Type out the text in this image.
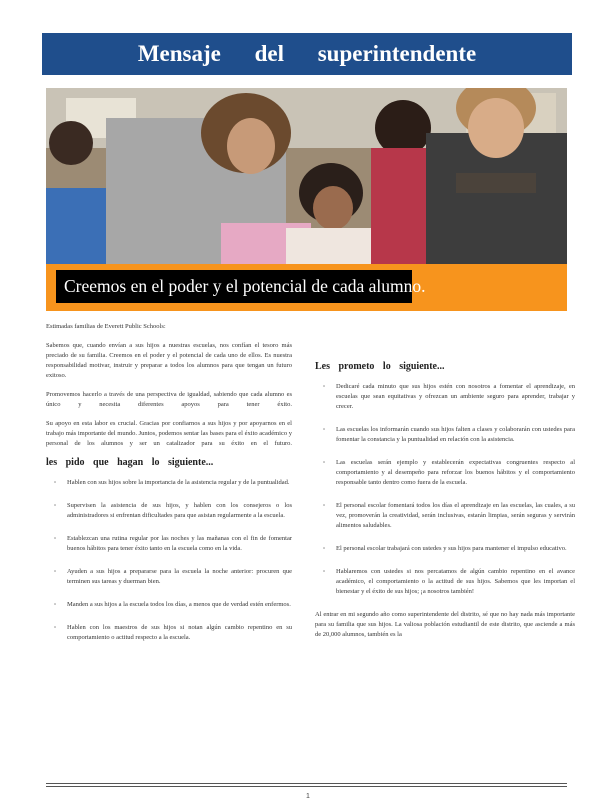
Mensaje del superintendente
Creemos en el poder y el potencial de cada alumno.

Estimadas familias de Everett Public Schools:

Sabemos que, cuando envían a sus hijos a nuestras escuelas, nos confían el tesoro más preciado de su familia. Creemos en el poder y el potencial de cada uno de ellos. Es nuestra responsabilidad motivar, instruir y preparar a todos los alumnos para que tengan un futuro exitoso.

Promovemos hacerlo a través de una perspectiva de igualdad, sabiendo que cada alumno es único y necesita diferentes apoyos para tener éxito.

Su apoyo en esta labor es crucial. Gracias por confiarnos a sus hijos y por apoyarnos en el trabajo más importante del mundo. Juntos, podemos sentar las bases para el éxito académico y personal de los alumnos y ser un catalizador para su éxito en el futuro.

les pido que hagan lo siguiente...
▫ Hablen con sus hijos sobre la importancia de la asistencia regular y de la puntualidad.
▫ Supervisen la asistencia de sus hijos, y hablen con los consejeros o los administradores si enfrentan dificultades para que asistan regularmente a la escuela.
▫ Establezcan una rutina regular por las noches y las mañanas con el fin de fomentar buenos hábitos para tener éxito tanto en la escuela como en la vida.
▫ Ayuden a sus hijos a prepararse para la escuela la noche anterior: procuren que terminen sus tareas y duerman bien.
▫ Manden a sus hijos a la escuela todos los días, a menos que de verdad estén enfermos.
▫ Hablen con los maestros de sus hijos si notan algún cambio repentino en su comportamiento o actitud respecto a la escuela.
Les prometo lo siguiente...
▫ Dedicaré cada minuto que sus hijos estén con nosotros a fomentar el aprendizaje, en escuelas que sean equitativas y ofrezcan un ambiente seguro para aprender, trabajar y crecer.
▫ Las escuelas los informarán cuando sus hijos falten a clases y colaborarán con ustedes para fomentar la constancia y la puntualidad en relación con la asistencia.
▫ Las escuelas serán ejemplo y establecerán expectativas congruentes respecto al comportamiento y al desempeño para reforzar los buenos hábitos y el comportamiento responsable tanto dentro como fuera de la escuela.
▫ El personal escolar fomentará todos los días el aprendizaje en las escuelas, las cuales, a su vez, promoverán la creatividad, serán inclusivas, estarán limpias, serán seguras y servirán alimentos saludables.
▫ El personal escolar trabajará con ustedes y sus hijos para mantener el impulso educativo.
▫ Hablaremos con ustedes si nos percatamos de algún cambio repentino en el avance académico, el comportamiento o la actitud de sus hijos. Sabemos que les importan el bienestar y el éxito de sus hijos; ¡a nosotros también!

Al entrar en mi segundo año como superintendente del distrito, sé que no hay nada más importante para su familia que sus hijos. La valiosa población estudiantil de este distrito, que asciende a más de 20,000 alumnos, también es la

1
